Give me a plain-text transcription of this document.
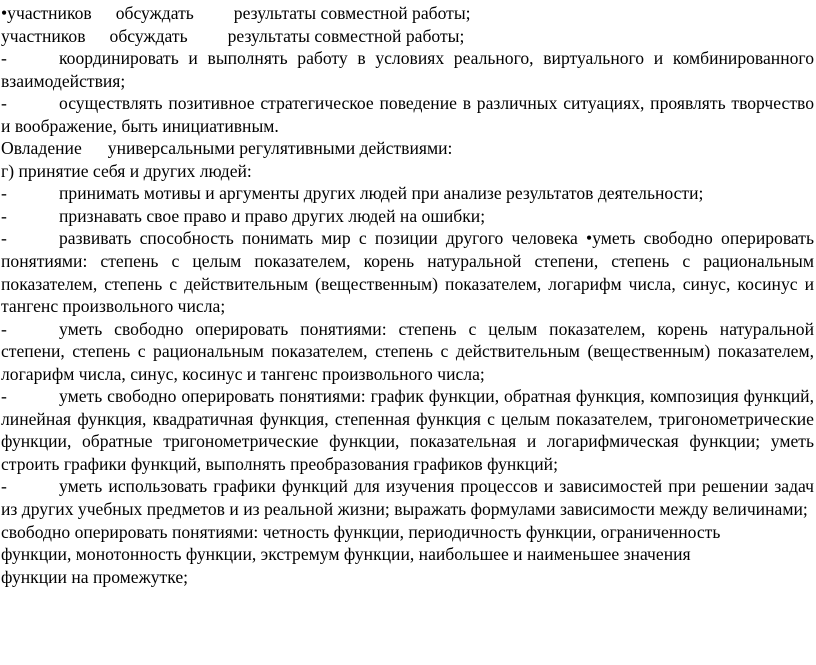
•участников обсуждать результаты совместной работы;

участников обсуждать результаты совместной работы;

-	координировать и выполнять работу в условиях реального, виртуального и комбинированного взаимодействия;

-	осуществлять позитивное стратегическое поведение в различных ситуациях, проявлять творчество и воображение, быть инициативным.

Овладение универсальными регулятивными действиями:

г) принятие себя и других людей:

-	принимать мотивы и аргументы других людей при анализе результатов деятельности;

-	признавать свое право и право других людей на ошибки;

-	развивать способность понимать мир с позиции другого человека •уметь свободно оперировать понятиями: степень с целым показателем, корень натуральной степени, степень с рациональным показателем, степень с действительным (вещественным) показателем, логарифм числа, синус, косинус и тангенс произвольного числа;

-	уметь свободно оперировать понятиями: степень с целым показателем, корень натуральной степени, степень с рациональным показателем, степень с действительным (вещественным) показателем, логарифм числа, синус, косинус и тангенс произвольного числа;

-	уметь свободно оперировать понятиями: график функции, обратная функция, композиция функций, линейная функция, квадратичная функция, степенная функция с целым показателем, тригонометрические функции, обратные тригонометрические функции, показательная и логарифмическая функции; уметь строить графики функций, выполнять преобразования графиков функций;

-	уметь использовать графики функций для изучения процессов и зависимостей при решении задач из других учебных предметов и из реальной жизни; выражать формулами зависимости между величинами;

свободно оперировать понятиями: четность функции, периодичность функции, ограниченность

функции, монотонность функции, экстремум функции, наибольшее и наименьшее значения

функции на промежутке;
